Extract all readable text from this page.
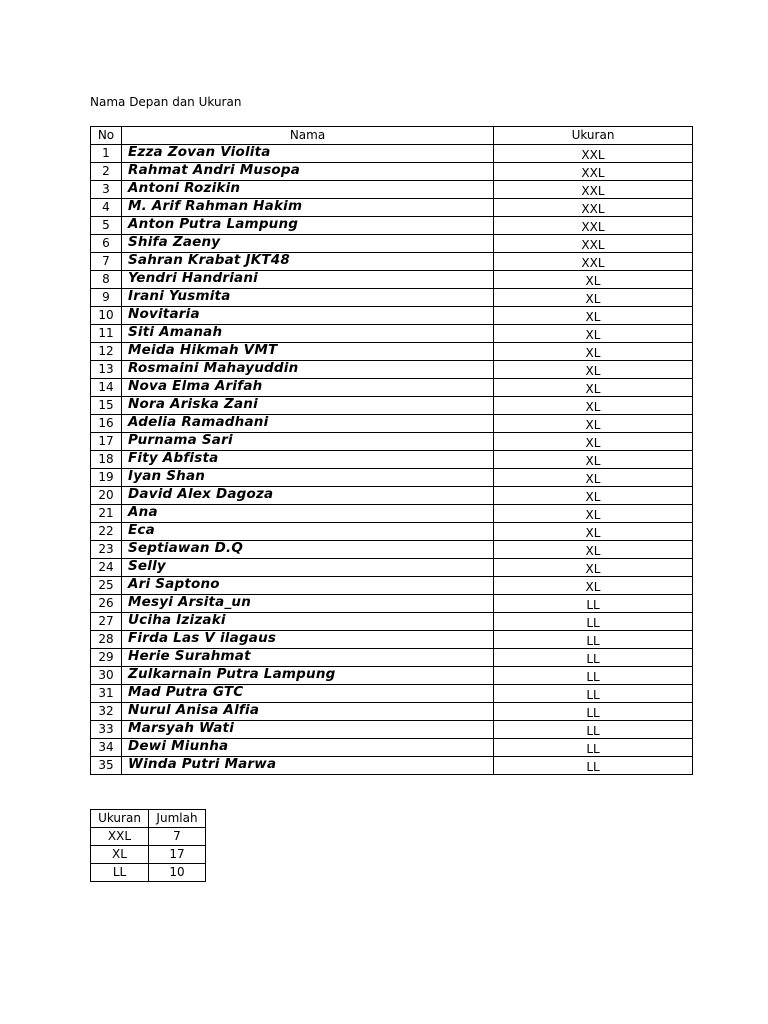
Nama Depan dan Ukuran
No	Nama	Ukuran
1	Ezza Zovan Violita	XXL
2	Rahmat Andri Musopa	XXL
3	Antoni Rozikin	XXL
4	M. Arif Rahman Hakim	XXL
5	Anton Putra Lampung	XXL
6	Shifa Zaeny	XXL
7	Sahran Krabat JKT48	XXL
8	Yendri Handriani	XL
9	Irani Yusmita	XL
10	Novitaria	XL
11	Siti Amanah	XL
12	Meida Hikmah VMT	XL
13	Rosmaini Mahayuddin	XL
14	Nova Elma Arifah	XL
15	Nora Ariska Zani	XL
16	Adelia Ramadhani	XL
17	Purnama Sari	XL
18	Fity Abfista	XL
19	Iyan Shan	XL
20	David Alex Dagoza	XL
21	Ana	XL
22	Eca	XL
23	Septiawan D.Q	XL
24	Selly	XL
25	Ari Saptono	XL
26	Mesyi Arsita_un	LL
27	Uciha Izizaki	LL
28	Firda Las V ilagaus	LL
29	Herie Surahmat	LL
30	Zulkarnain Putra Lampung	LL
31	Mad Putra GTC	LL
32	Nurul Anisa Alfia	LL
33	Marsyah Wati	LL
34	Dewi Miunha	LL
35	Winda Putri Marwa	LL
Ukuran	Jumlah
XXL	7
XL	17
LL	10
